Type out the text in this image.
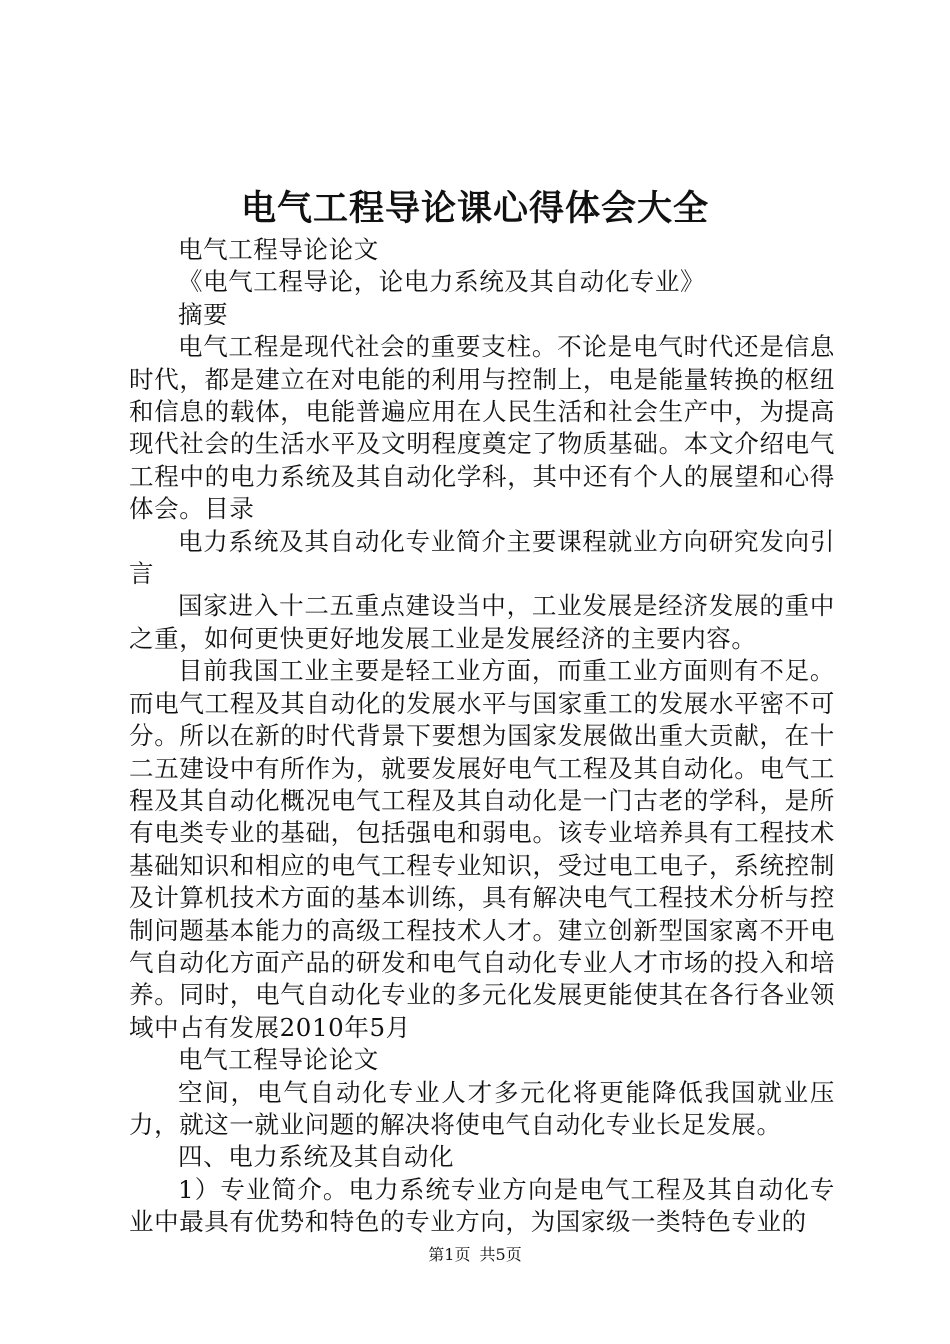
电气工程导论课心得体会大全

电气工程导论论文

《电气工程导论，论电力系统及其自动化专业》

摘要

电气工程是现代社会的重要支柱。不论是电气时代还是信息时代，都是建立在对电能的利用与控制上，电是能量转换的枢纽和信息的载体，电能普遍应用在人民生活和社会生产中，为提高现代社会的生活水平及文明程度奠定了物质基础。本文介绍电气工程中的电力系统及其自动化学科，其中还有个人的展望和心得体会。目录

电力系统及其自动化专业简介主要课程就业方向研究发向引言

国家进入十二五重点建设当中，工业发展是经济发展的重中之重，如何更快更好地发展工业是发展经济的主要内容。

目前我国工业主要是轻工业方面，而重工业方面则有不足。而电气工程及其自动化的发展水平与国家重工的发展水平密不可分。所以在新的时代背景下要想为国家发展做出重大贡献，在十二五建设中有所作为，就要发展好电气工程及其自动化。电气工程及其自动化概况电气工程及其自动化是一门古老的学科，是所有电类专业的基础，包括强电和弱电。该专业培养具有工程技术基础知识和相应的电气工程专业知识，受过电工电子，系统控制及计算机技术方面的基本训练，具有解决电气工程技术分析与控制问题基本能力的高级工程技术人才。建立创新型国家离不开电气自动化方面产品的研发和电气自动化专业人才市场的投入和培养。同时，电气自动化专业的多元化发展更能使其在各行各业领域中占有发展2010年5月

电气工程导论论文

空间，电气自动化专业人才多元化将更能降低我国就业压力，就这一就业问题的解决将使电气自动化专业长足发展。

四、电力系统及其自动化

1）专业简介。电力系统专业方向是电气工程及其自动化专业中最具有优势和特色的专业方向，为国家级一类特色专业的

第1页 共5页
